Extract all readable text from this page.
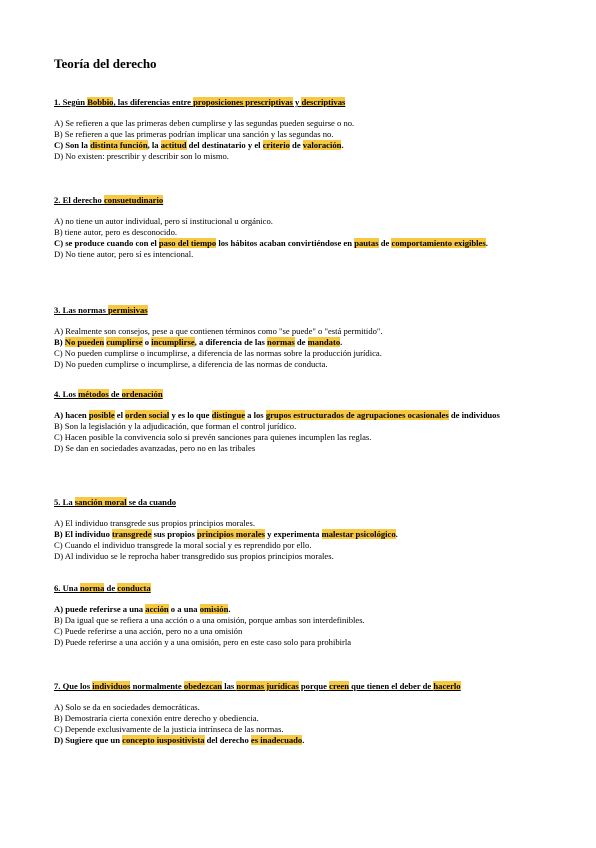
Teoría del derecho

1. Según Bobbio, las diferencias entre proposiciones prescriptivas y descriptivas

A) Se refieren a que las primeras deben cumplirse y las segundas pueden seguirse o no.

B) Se refieren a que las primeras podrían implicar una sanción y las segundas no.

C) Son la distinta función, la actitud del destinatario y el criterio de valoración.

D) No existen: prescribir y describir son lo mismo.

2. El derecho consuetudinario

A) no tiene un autor individual, pero sí institucional u orgánico.

B) tiene autor, pero es desconocido.

C) se produce cuando con el paso del tiempo los hábitos acaban convirtiéndose en pautas de comportamiento exigibles.

D) No tiene autor, pero sí es intencional.

3. Las normas permisivas

A) Realmente son consejos, pese a que contienen términos como "se puede" o "está permitido".

B) No pueden cumplirse o incumplirse, a diferencia de las normas de mandato.

C) No pueden cumplirse o incumplirse, a diferencia de las normas sobre la producción jurídica.

D) No pueden cumplirse o incumplirse, a diferencia de las normas de conducta.

4. Los métodos de ordenación

A) hacen posible el orden social y es lo que distingue a los grupos estructurados de agrupaciones ocasionales de individuos

B) Son la legislación y la adjudicación, que forman el control jurídico.

C) Hacen posible la convivencia solo si prevén sanciones para quienes incumplen las reglas.

D) Se dan en sociedades avanzadas, pero no en las tribales

5. La sanción moral se da cuando

A) El individuo transgrede sus propios principios morales.

B) El individuo transgrede sus propios principios morales y experimenta malestar psicológico.

C) Cuando el individuo transgrede la moral social y es reprendido por ello.

D) Al individuo se le reprocha haber transgredido sus propios principios morales.

6. Una norma de conducta

A) puede referirse a una acción o a una omisión.

B) Da igual que se refiera a una acción o a una omisión, porque ambas son interdefinibles.

C) Puede referirse a una acción, pero no a una omisión

D) Puede referirse a una acción y a una omisión, pero en este caso solo para prohibirla

7. Que los individuos normalmente obedezcan las normas jurídicas porque creen que tienen el deber de hacerlo

A) Solo se da en sociedades democráticas.

B) Demostraría cierta conexión entre derecho y obediencia.

C) Depende exclusivamente de la justicia intrínseca de las normas.

D) Sugiere que un concepto iuspositivista del derecho es inadecuado.
